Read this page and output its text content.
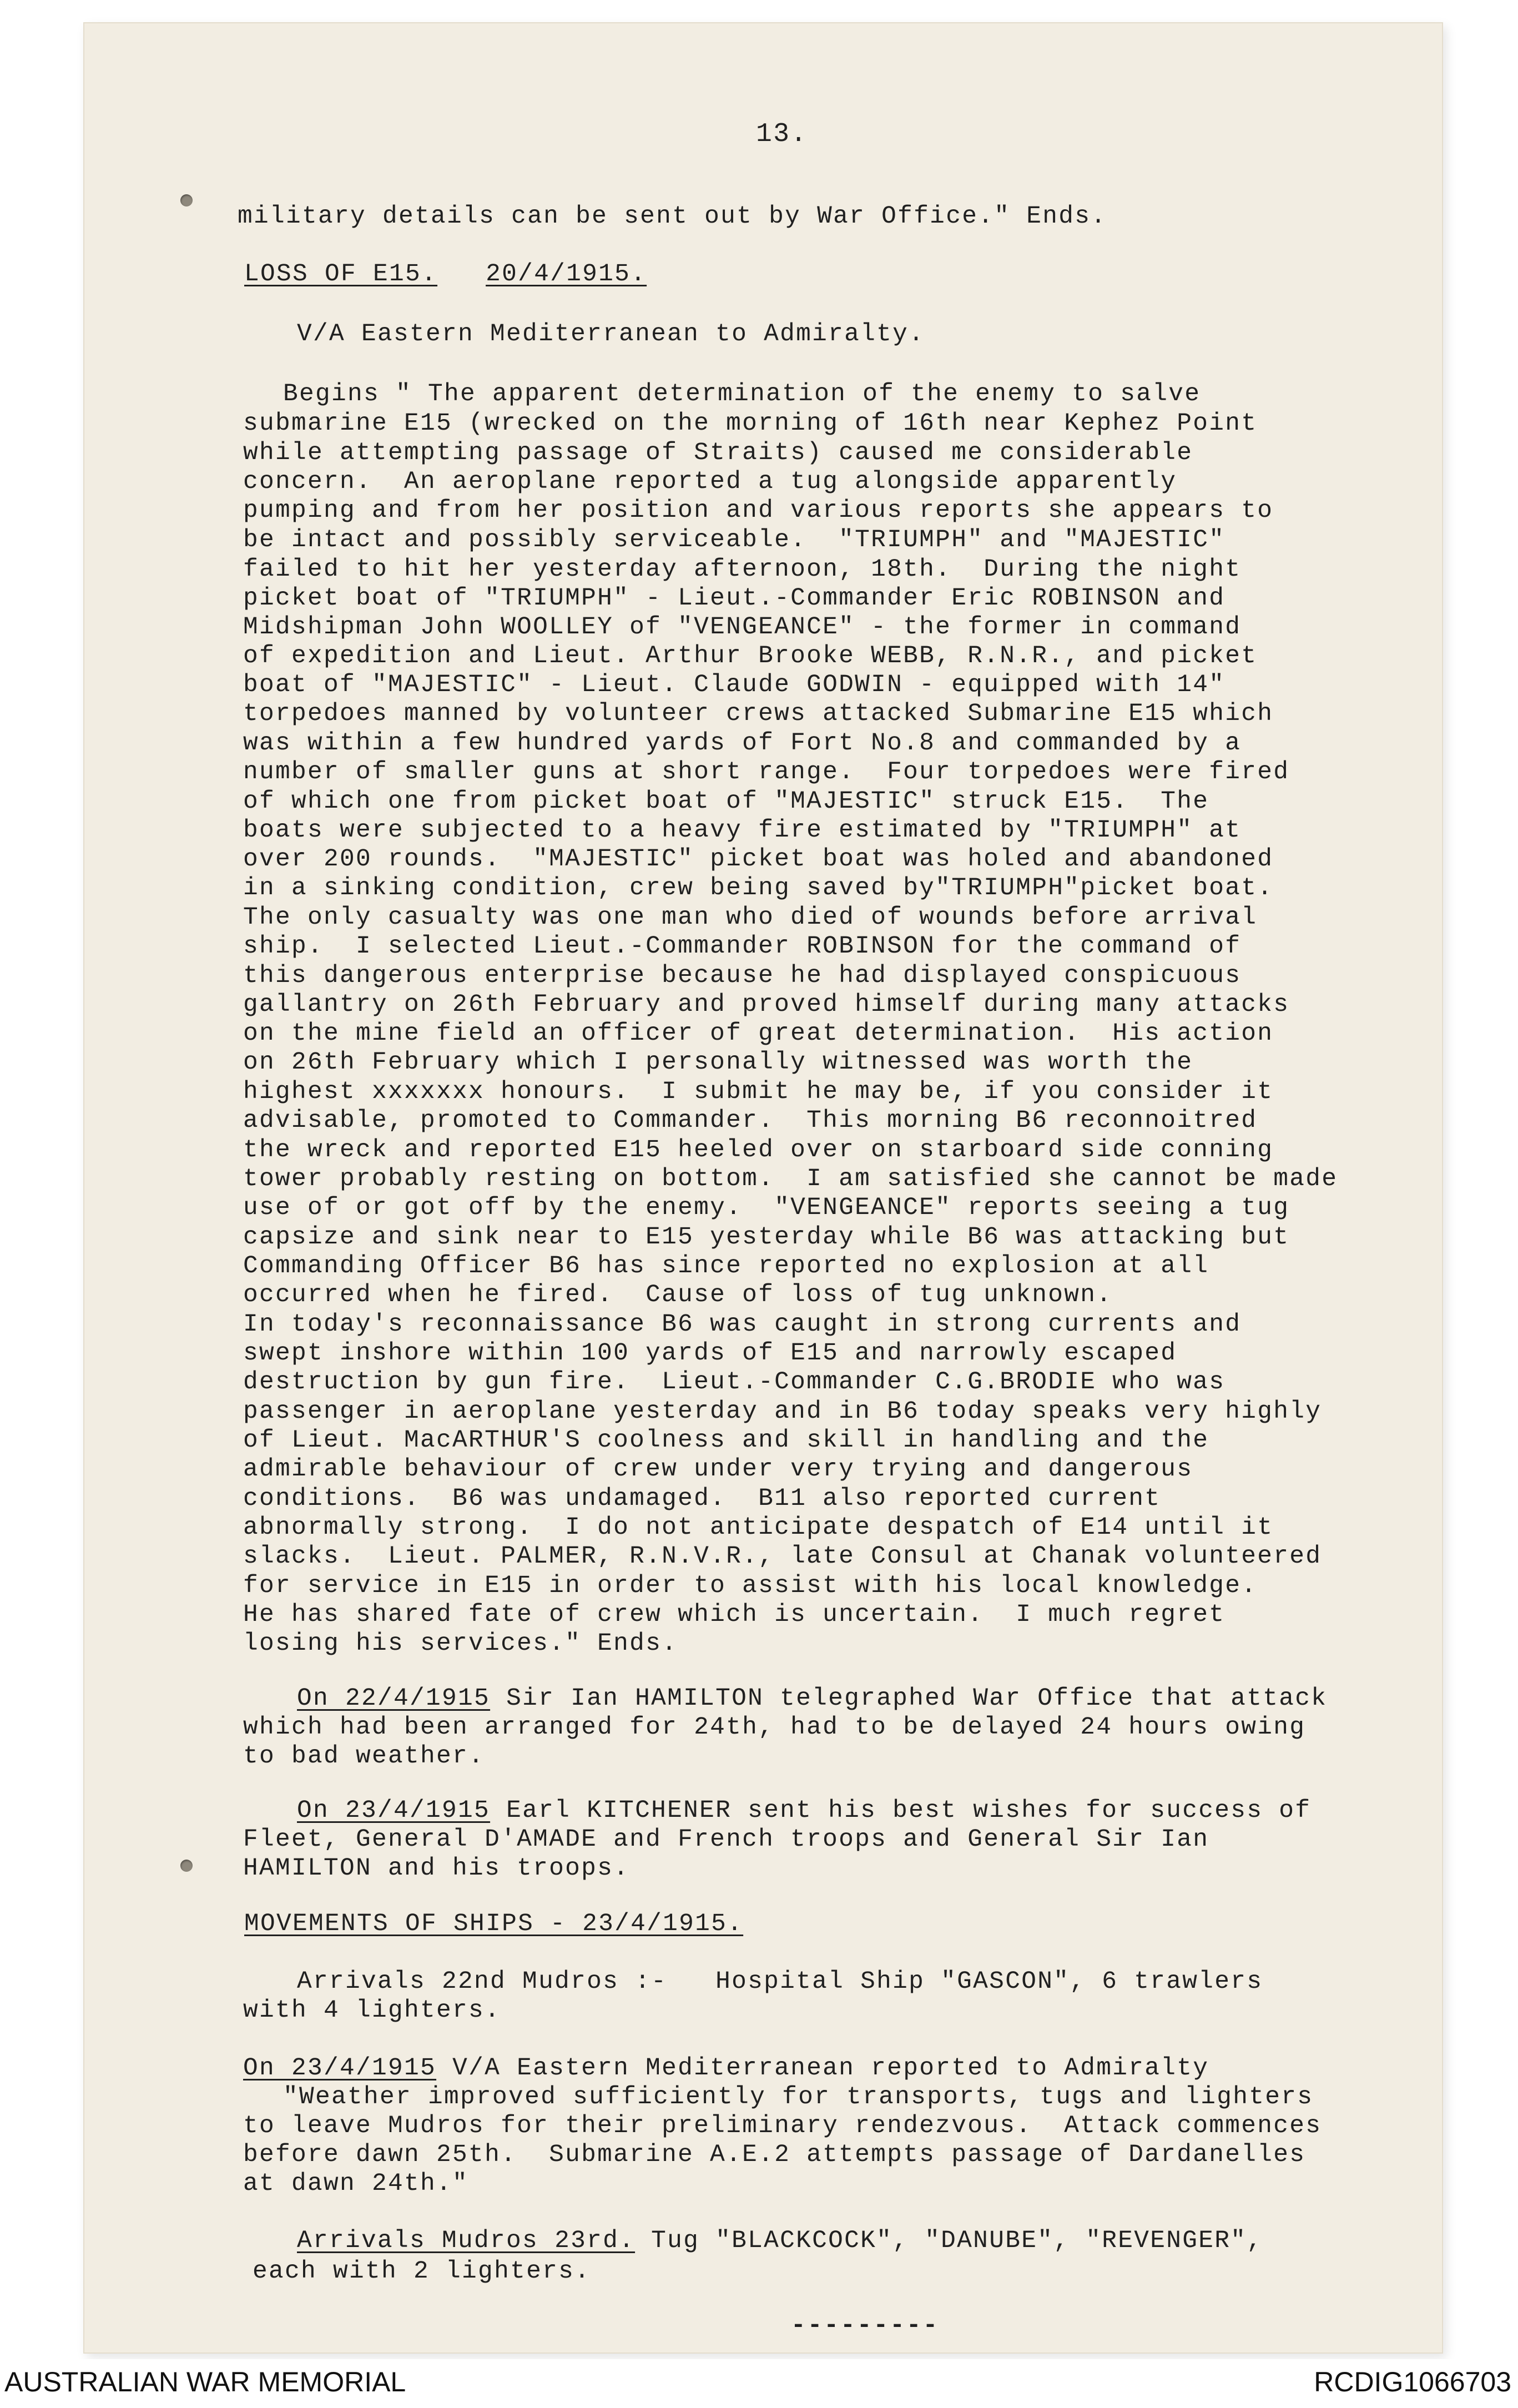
13.
military details can be sent out by War Office." Ends.
LOSS OF E15. 20/4/1915.
V/A Eastern Mediterranean to Admiralty.
Begins " The apparent determination of the enemy to salve
submarine E15 (wrecked on the morning of 16th near Kephez Point
while attempting passage of Straits) caused me considerable
concern.  An aeroplane reported a tug alongside apparently
pumping and from her position and various reports she appears to
be intact and possibly serviceable.  "TRIUMPH" and "MAJESTIC"
failed to hit her yesterday afternoon, 18th.  During the night
picket boat of "TRIUMPH" - Lieut.-Commander Eric ROBINSON and
Midshipman John WOOLLEY of "VENGEANCE" - the former in command
of expedition and Lieut. Arthur Brooke WEBB, R.N.R., and picket
boat of "MAJESTIC" - Lieut. Claude GODWIN - equipped with 14"
torpedoes manned by volunteer crews attacked Submarine E15 which
was within a few hundred yards of Fort No.8 and commanded by a
number of smaller guns at short range.  Four torpedoes were fired
of which one from picket boat of "MAJESTIC" struck E15.  The
boats were subjected to a heavy fire estimated by "TRIUMPH" at
over 200 rounds.  "MAJESTIC" picket boat was holed and abandoned
in a sinking condition, crew being saved by"TRIUMPH"picket boat.
The only casualty was one man who died of wounds before arrival
ship.  I selected Lieut.-Commander ROBINSON for the command of
this dangerous enterprise because he had displayed conspicuous
gallantry on 26th February and proved himself during many attacks
on the mine field an officer of great determination.  His action
on 26th February which I personally witnessed was worth the
highest xxxxxxx honours.  I submit he may be, if you consider it
advisable, promoted to Commander.  This morning B6 reconnoitred
the wreck and reported E15 heeled over on starboard side conning
tower probably resting on bottom.  I am satisfied she cannot be made
use of or got off by the enemy.  "VENGEANCE" reports seeing a tug
capsize and sink near to E15 yesterday while B6 was attacking but
Commanding Officer B6 has since reported no explosion at all
occurred when he fired.  Cause of loss of tug unknown.
In today's reconnaissance B6 was caught in strong currents and
swept inshore within 100 yards of E15 and narrowly escaped
destruction by gun fire.  Lieut.-Commander C.G.BRODIE who was
passenger in aeroplane yesterday and in B6 today speaks very highly
of Lieut. MacARTHUR'S coolness and skill in handling and the
admirable behaviour of crew under very trying and dangerous
conditions.  B6 was undamaged.  B11 also reported current
abnormally strong.  I do not anticipate despatch of E14 until it
slacks.  Lieut. PALMER, R.N.V.R., late Consul at Chanak volunteered
for service in E15 in order to assist with his local knowledge.
He has shared fate of crew which is uncertain.  I much regret
losing his services." Ends.
On 22/4/1915 Sir Ian HAMILTON telegraphed War Office that attack
which had been arranged for 24th, had to be delayed 24 hours owing
to bad weather.
On 23/4/1915 Earl KITCHENER sent his best wishes for success of
Fleet, General D'AMADE and French troops and General Sir Ian
HAMILTON and his troops.
MOVEMENTS OF SHIPS - 23/4/1915.
Arrivals 22nd Mudros :-   Hospital Ship "GASCON", 6 trawlers
with 4 lighters.
On 23/4/1915 V/A Eastern Mediterranean reported to Admiralty
"Weather improved sufficiently for transports, tugs and lighters
to leave Mudros for their preliminary rendezvous.  Attack commences
before dawn 25th.  Submarine A.E.2 attempts passage of Dardanelles
at dawn 24th."
Arrivals Mudros 23rd. Tug "BLACKCOCK", "DANUBE", "REVENGER",
each with 2 lighters.
---------
AUSTRALIAN WAR MEMORIAL	RCDIG1066703
